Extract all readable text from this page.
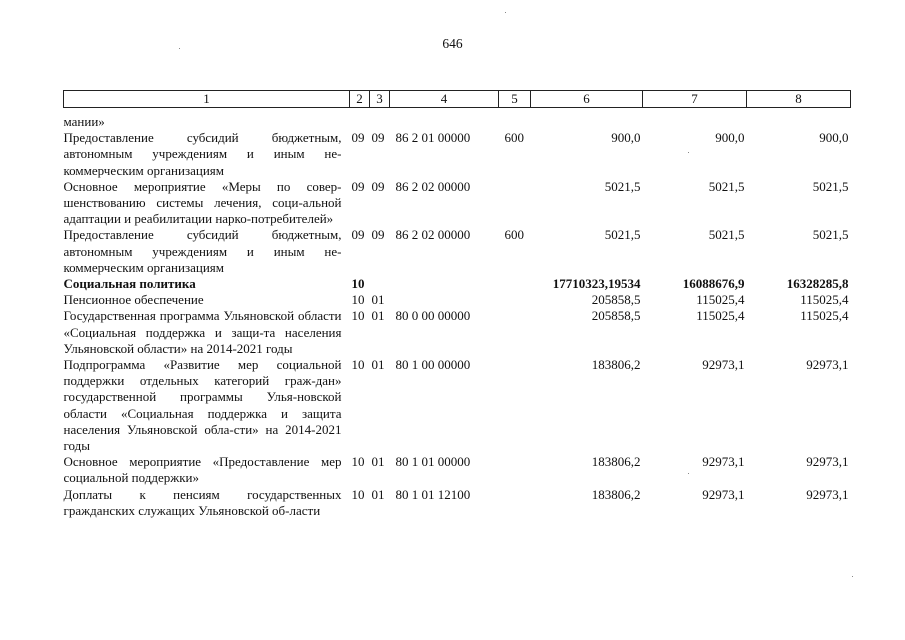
646
1	2	3	4	5	6	7	8
мании»							
Предоставление субсидий бюджетным, автономным учреждениям и иным не-коммерческим организациям	09	09	86 2 01 00000	600	900,0	900,0	900,0
Основное мероприятие «Меры по совер-шенствованию системы лечения, соци-альной адаптации и реабилитации нарко-потребителей»	09	09	86 2 02 00000		5021,5	5021,5	5021,5
Предоставление субсидий бюджетным, автономным учреждениям и иным не-коммерческим организациям	09	09	86 2 02 00000	600	5021,5	5021,5	5021,5
Социальная политика	10				17710323,19534	16088676,9	16328285,8
Пенсионное обеспечение	10	01			205858,5	115025,4	115025,4
Государственная программа Ульяновской области «Социальная поддержка и защи-та населения Ульяновской области» на 2014-2021 годы	10	01	80 0 00 00000		205858,5	115025,4	115025,4
Подпрограмма «Развитие мер социальной поддержки отдельных категорий граж-дан» государственной программы Улья-новской области «Социальная поддержка и защита населения Ульяновской обла-сти» на 2014-2021 годы	10	01	80 1 00 00000		183806,2	92973,1	92973,1
Основное мероприятие «Предоставление мер социальной поддержки»	10	01	80 1 01 00000		183806,2	92973,1	92973,1
Доплаты к пенсиям государственных гражданских служащих Ульяновской об-ласти	10	01	80 1 01 12100		183806,2	92973,1	92973,1
